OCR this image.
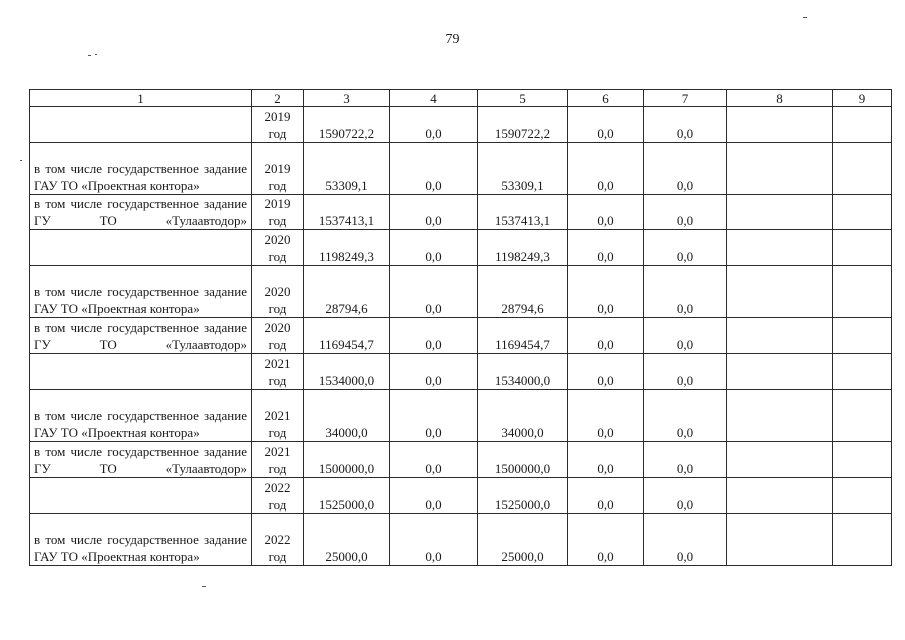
79
1	2	3	4	5	6	7	8	9

	2019
год	1590722,2	0,0	1590722,2	0,0	0,0		
в том числе государственное задание ГАУ ТО «Проектная контора»	2019
год	53309,1	0,0	53309,1	0,0	0,0		
в том числе государственное задание ГУ ТО «Тулаавтодор»	2019
год	1537413,1	0,0	1537413,1	0,0	0,0		

	2020
год	1198249,3	0,0	1198249,3	0,0	0,0		
в том числе государственное задание ГАУ ТО «Проектная контора»	2020
год	28794,6	0,0	28794,6	0,0	0,0		
в том числе государственное задание ГУ ТО «Тулаавтодор»	2020
год	1169454,7	0,0	1169454,7	0,0	0,0		

	2021
год	1534000,0	0,0	1534000,0	0,0	0,0		
в том числе государственное задание ГАУ ТО «Проектная контора»	2021
год	34000,0	0,0	34000,0	0,0	0,0		
в том числе государственное задание ГУ ТО «Тулаавтодор»	2021
год	1500000,0	0,0	1500000,0	0,0	0,0		

	2022
год	1525000,0	0,0	1525000,0	0,0	0,0		
в том числе государственное задание ГАУ ТО «Проектная контора»	2022
год	25000,0	0,0	25000,0	0,0	0,0		
